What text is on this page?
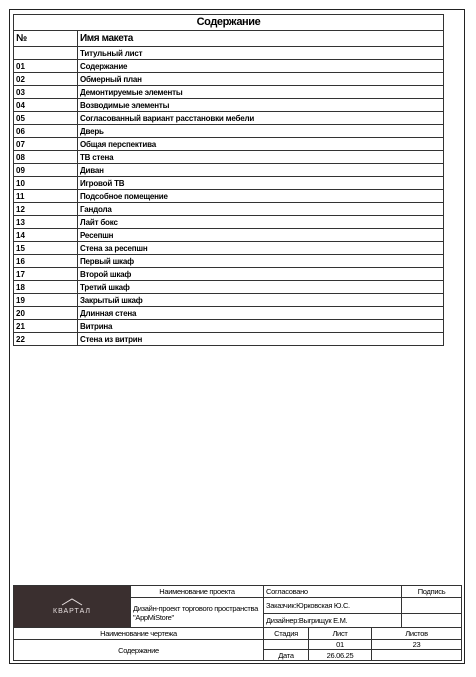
Содержание	
№	Имя макета
	Титульный лист
01	Содержание
02	Обмерный план
03	Демонтируемые элементы
04	Возводимые элементы
05	Согласованный вариант расстановки мебели
06	Дверь
07	Общая перспектива
08	ТВ стена
09	Диван
10	Игровой ТВ
11	Подсобное помещение
12	Гандола
13	Лайт бокс
14	Ресепшн
15	Стена за ресепшн
16	Первый шкаф
17	Второй шкаф
18	Третий шкаф
19	Закрытый шкаф
20	Длинная стена
21	Витрина
22	Стена из витрин
КВАРТАЛ	Наименование проекта	Согласовано			Подпись
	Дизайн-проект торгового пространства "AppMiStore"	Заказчик:Юрковская Ю.С.			
		Дизайнер:Выгрищук Е.М.			
Наименование чертежа		Стадия	Лист	Листов	
Содержание			01	23	
		Дата	26.06.25		
